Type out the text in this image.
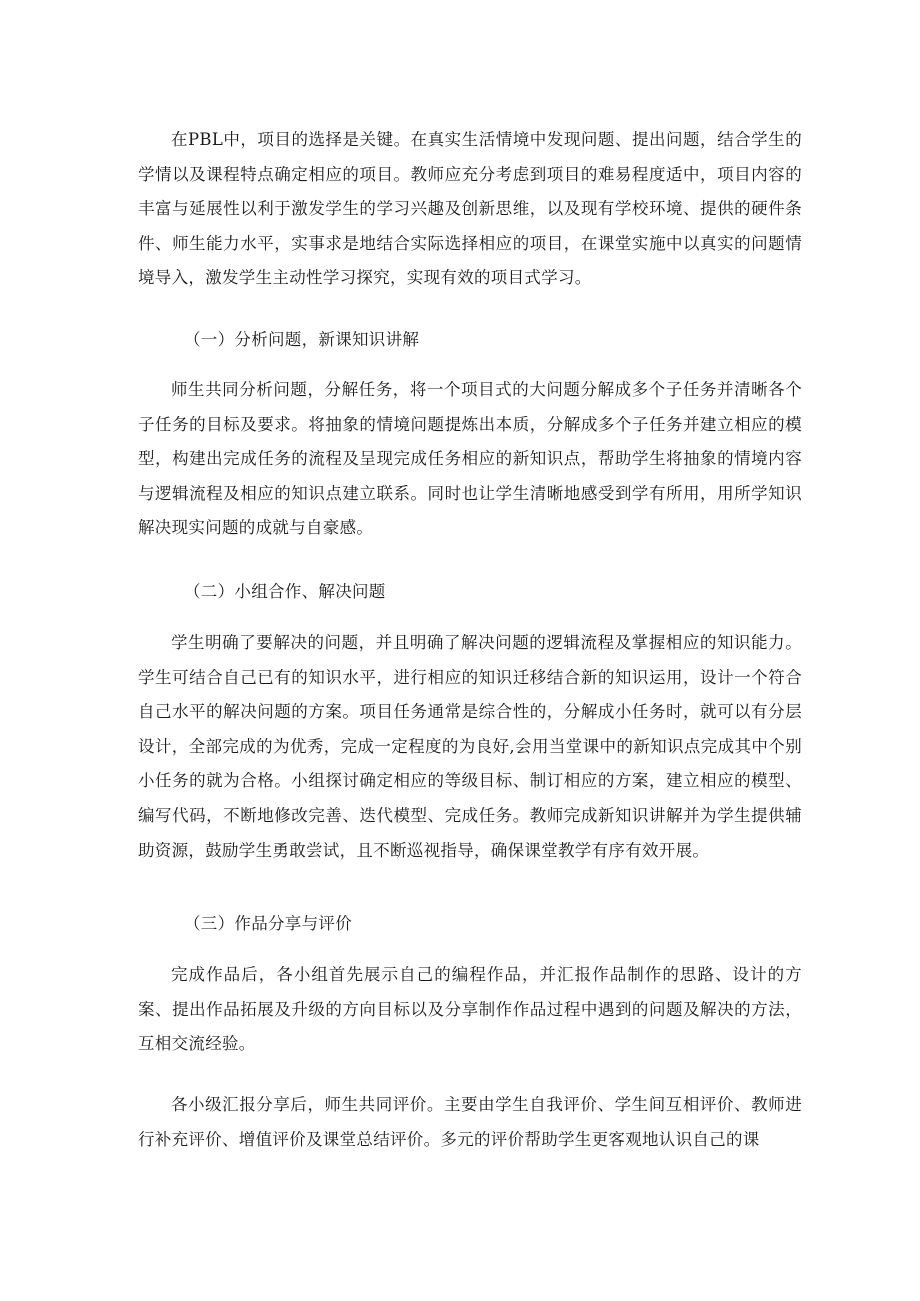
在PBL中，项目的选择是关键。在真实生活情境中发现问题、提出问题，结合学生的学情以及课程特点确定相应的项目。教师应充分考虑到项目的难易程度适中，项目内容的丰富与延展性以利于激发学生的学习兴趣及创新思维，以及现有学校环境、提供的硬件条件、师生能力水平，实事求是地结合实际选择相应的项目，在课堂实施中以真实的问题情境导入，激发学生主动性学习探究，实现有效的项目式学习。

（一）分析问题，新课知识讲解

师生共同分析问题，分解任务，将一个项目式的大问题分解成多个子任务并清晰各个子任务的目标及要求。将抽象的情境问题提炼出本质，分解成多个子任务并建立相应的模型，构建出完成任务的流程及呈现完成任务相应的新知识点，帮助学生将抽象的情境内容与逻辑流程及相应的知识点建立联系。同时也让学生清晰地感受到学有所用，用所学知识解决现实问题的成就与自豪感。

（二）小组合作、解决问题

学生明确了要解决的问题，并且明确了解决问题的逻辑流程及掌握相应的知识能力。学生可结合自己已有的知识水平，进行相应的知识迁移结合新的知识运用，设计一个符合自己水平的解决问题的方案。项目任务通常是综合性的，分解成小任务时，就可以有分层设计，全部完成的为优秀，完成一定程度的为良好,会用当堂课中的新知识点完成其中个别小任务的就为合格。小组探讨确定相应的等级目标、制订相应的方案，建立相应的模型、编写代码，不断地修改完善、迭代模型、完成任务。教师完成新知识讲解并为学生提供辅助资源，鼓励学生勇敢尝试，且不断巡视指导，确保课堂教学有序有效开展。

（三）作品分享与评价

完成作品后，各小组首先展示自己的编程作品，并汇报作品制作的思路、设计的方案、提出作品拓展及升级的方向目标以及分享制作作品过程中遇到的问题及解决的方法，互相交流经验。

各小级汇报分享后，师生共同评价。主要由学生自我评价、学生间互相评价、教师进行补充评价、增值评价及课堂总结评价。多元的评价帮助学生更客观地认识自己的课
